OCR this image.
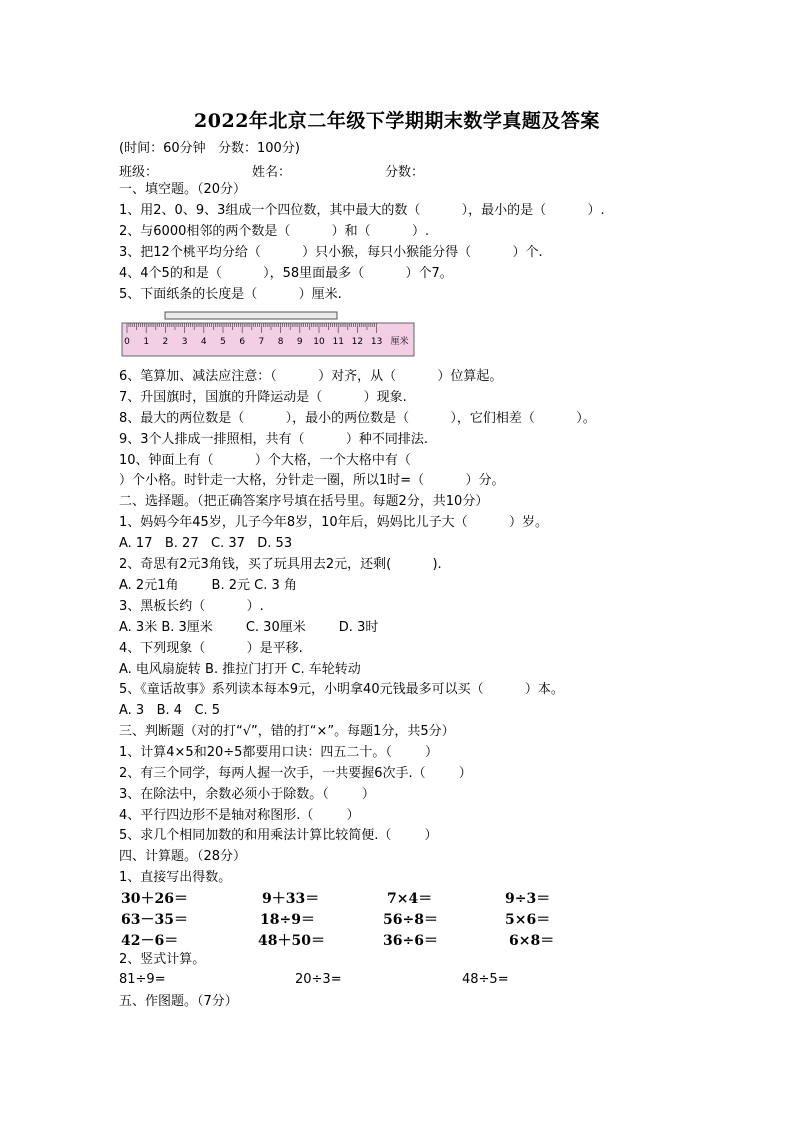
2022年北京二年级下学期期末数学真题及答案
(时间：60分钟   分数：100分)
班级：	姓名：	分数：
一、填空题。（20分）
1、用2、0、9、3组成一个四位数，其中最大的数（          ），最小的是（          ）.
2、与6000相邻的两个数是（          ）和（          ）.
3、把12个桃平均分给（          ）只小猴，每只小猴能分得（          ）个.
4、4个5的和是（          ），58里面最多（          ）个7。
5、下面纸条的长度是（          ）厘米.
0 1 2 3 4 5 6 7 8 9 10 11 12 13 厘米
6、笔算加、减法应注意：（          ）对齐，从（          ）位算起。
7、升国旗时，国旗的升降运动是（          ）现象.
8、最大的两位数是（          ），最小的两位数是（          ），它们相差（          ）。
9、3个人排成一排照相，共有（          ）种不同排法.
10、钟面上有（          ）个大格，一个大格中有（
）个小格。时针走一大格，分针走一圈，所以1时=（          ）分。
二、选择题。（把正确答案序号填在括号里。每题2分，共10分）
1、妈妈今年45岁，儿子今年8岁，10年后，妈妈比儿子大（          ）岁。
A. 17   B. 27   C. 37   D. 53
2、奇思有2元3角钱，买了玩具用去2元，还剩(          ).
A. 2元1角        B. 2元 C. 3 角
3、黑板长约（          ）.
A. 3米 B. 3厘米        C. 30厘米        D. 3时
4、下列现象（          ）是平移.
A. 电风扇旋转 B. 推拉门打开 C. 车轮转动
5、《童话故事》系列读本每本9元，小明拿40元钱最多可以买（          ）本。
A. 3   B. 4   C. 5
三、判断题（对的打“√”，错的打“×”。每题1分，共5分）
1、计算4×5和20÷5都要用口诀：四五二十。（        ）
2、有三个同学，每两人握一次手，一共要握6次手.（        ）
3、在除法中，余数必须小于除数。（        ）
4、平行四边形不是轴对称图形.（        ）
5、求几个相同加数的和用乘法计算比较简便.（        ）
四、计算题。（28分）
1、直接写出得数。
30＋26＝	9＋33＝	7×4＝	9÷3＝
63－35＝	18÷9＝	56÷8＝	5×6＝
42－6＝	48＋50＝	36÷6＝	6×8＝
2、竖式计算。
81÷9=	20÷3=	48÷5=
五、作图题。（7分）
